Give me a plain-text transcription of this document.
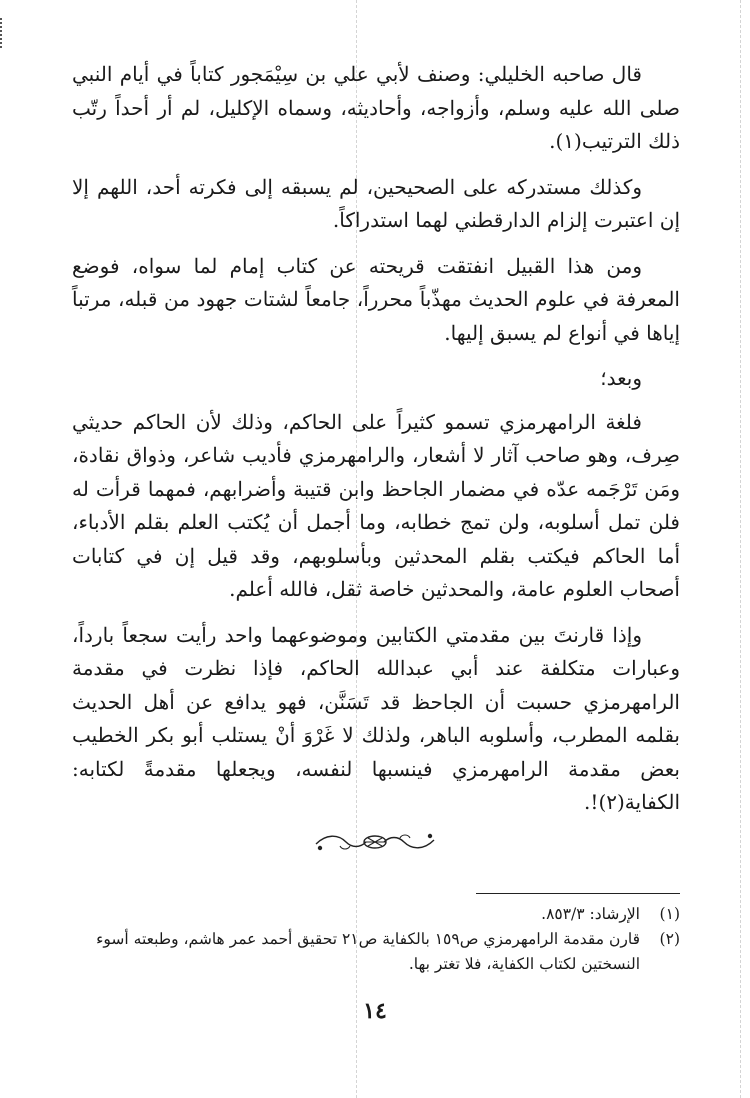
قال صاحبه الخليلي: وصنف لأبي علي بن سِيْمَجور كتاباً في أيام النبي صلى الله عليه وسلم، وأزواجه، وأحاديثه، وسماه الإكليل، لم أر أحداً رتّب ذلك الترتيب(١).

وكذلك مستدركه على الصحيحين، لم يسبقه إلى فكرته أحد، اللهم إلا إن اعتبرت إلزام الدارقطني لهما استدراكاً.

ومن هذا القبيل انفتقت قريحته عن كتاب إمام لما سواه، فوضع المعرفة في علوم الحديث مهذّباً محرراً، جامعاً لشتات جهود من قبله، مرتباً إياها في أنواع لم يسبق إليها.

وبعد؛

فلغة الرامهرمزي تسمو كثيراً على الحاكم، وذلك لأن الحاكم حديثي صِرف، وهو صاحب آثار لا أشعار، والرامهرمزي فأديب شاعر، وذواق نقادة، ومَن تَرْجَمه عدّه في مضمار الجاحظ وابن قتيبة وأضرابهم، فمهما قرأت له فلن تمل أسلوبه، ولن تمج خطابه، وما أجمل أن يُكتب العلم بقلم الأدباء، أما الحاكم فيكتب بقلم المحدثين وبأسلوبهم، وقد قيل إن في كتابات أصحاب العلوم عامة، والمحدثين خاصة ثقل، فالله أعلم.

وإذا قارنتَ بين مقدمتي الكتابين وموضوعهما واحد رأيت سجعاً بارداً، وعبارات متكلفة عند أبي عبدالله الحاكم، فإذا نظرت في مقدمة الرامهرمزي حسبت أن الجاحظ قد تَسَنَّن، فهو يدافع عن أهل الحديث بقلمه المطرب، وأسلوبه الباهر، ولذلك لا غَرْوَ أنْ يستلب أبو بكر الخطيب بعض مقدمة الرامهرمزي فينسبها لنفسه، ويجعلها مقدمةً لكتابه: الكفاية(٢)!.

(١)
الإرشاد: ٨٥٣/٣.
(٢)
قارن مقدمة الرامهرمزي ص١٥٩ بالكفاية ص٢١ تحقيق أحمد عمر هاشم، وطبعته أسوء النسختين لكتاب الكفاية، فلا تغتر بها.
١٤
